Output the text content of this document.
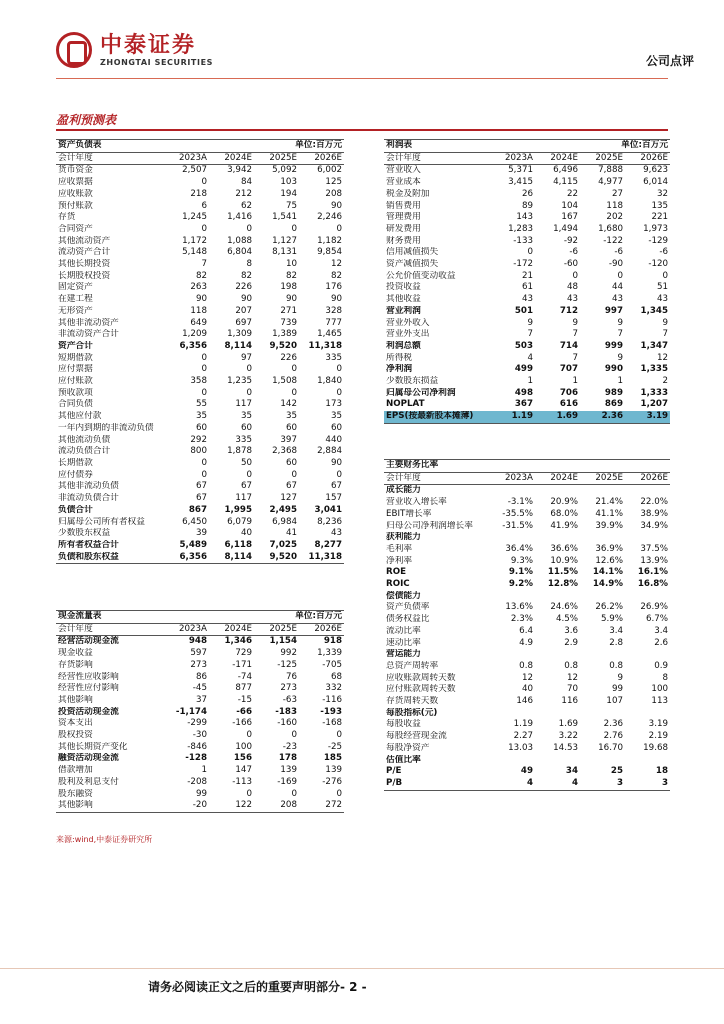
中泰证券
ZHONGTAI SECURITIES	公司点评
盈利预测表
资产负债表			单位:百万元	
会计年度	2023A	2024E	2025E	2026E
货币资金	2,507	3,942	5,092	6,002
应收票据	0	84	103	125
应收账款	218	212	194	208
预付账款	6	62	75	90
存货	1,245	1,416	1,541	2,246
合同资产	0	0	0	0
其他流动资产	1,172	1,088	1,127	1,182
流动资产合计	5,148	6,804	8,131	9,854
其他长期投资	7	8	10	12
长期股权投资	82	82	82	82
固定资产	263	226	198	176
在建工程	90	90	90	90
无形资产	118	207	271	328
其他非流动资产	649	697	739	777
非流动资产合计	1,209	1,309	1,389	1,465
资产合计	6,356	8,114	9,520	11,318
短期借款	0	97	226	335
应付票据	0	0	0	0
应付账款	358	1,235	1,508	1,840
预收款项	0	0	0	0
合同负债	55	117	142	173
其他应付款	35	35	35	35
一年内到期的非流动负债	60	60	60	60
其他流动负债	292	335	397	440
流动负债合计	800	1,878	2,368	2,884
长期借款	0	50	60	90
应付债券	0	0	0	0
其他非流动负债	67	67	67	67
非流动负债合计	67	117	127	157
负债合计	867	1,995	2,495	3,041
归属母公司所有者权益	6,450	6,079	6,984	8,236
少数股东权益	39	40	41	43
所有者权益合计	5,489	6,118	7,025	8,277
负债和股东权益	6,356	8,114	9,520	11,318
现金流量表			单位:百万元	
会计年度	2023A	2024E	2025E	2026E
经营活动现金流	948	1,346	1,154	918
现金收益	597	729	992	1,339
存货影响	273	-171	-125	-705
经营性应收影响	86	-74	76	68
经营性应付影响	-45	877	273	332
其他影响	37	-15	-63	-116
投资活动现金流	-1,174	-66	-183	-193
资本支出	-299	-166	-160	-168
股权投资	-30	0	0	0
其他长期资产变化	-846	100	-23	-25
融资活动现金流	-128	156	178	185
借款增加	1	147	139	139
股利及利息支付	-208	-113	-169	-276
股东融资	99	0	0	0
其他影响	-20	122	208	272
利润表			单位:百万元	
会计年度	2023A	2024E	2025E	2026E
营业收入	5,371	6,496	7,888	9,623
营业成本	3,415	4,115	4,977	6,014
税金及附加	26	22	27	32
销售费用	89	104	118	135
管理费用	143	167	202	221
研发费用	1,283	1,494	1,680	1,973
财务费用	-133	-92	-122	-129
信用减值损失	0	-6	-6	-6
资产减值损失	-172	-60	-90	-120
公允价值变动收益	21	0	0	0
投资收益	61	48	44	51
其他收益	43	43	43	43
营业利润	501	712	997	1,345
营业外收入	9	9	9	9
营业外支出	7	7	7	7
利润总额	503	714	999	1,347
所得税	4	7	9	12
净利润	499	707	990	1,335
少数股东损益	1	1	1	2
归属母公司净利润	498	706	989	1,333
NOPLAT	367	616	869	1,207
EPS(按最新股本摊薄)	1.19	1.69	2.36	3.19
主要财务比率				
会计年度	2023A	2024E	2025E	2026E
成长能力				
营业收入增长率	-3.1%	20.9%	21.4%	22.0%
EBIT增长率	-35.5%	68.0%	41.1%	38.9%
归母公司净利润增长率	-31.5%	41.9%	39.9%	34.9%
获利能力				
毛利率	36.4%	36.6%	36.9%	37.5%
净利率	9.3%	10.9%	12.6%	13.9%
ROE	9.1%	11.5%	14.1%	16.1%
ROIC	9.2%	12.8%	14.9%	16.8%
偿债能力				
资产负债率	13.6%	24.6%	26.2%	26.9%
债务权益比	2.3%	4.5%	5.9%	6.7%
流动比率	6.4	3.6	3.4	3.4
速动比率	4.9	2.9	2.8	2.6
营运能力				
总资产周转率	0.8	0.8	0.8	0.9
应收账款周转天数	12	12	9	8
应付账款周转天数	40	70	99	100
存货周转天数	146	116	107	113
每股指标(元)				
每股收益	1.19	1.69	2.36	3.19
每股经营现金流	2.27	3.22	2.76	2.19
每股净资产	13.03	14.53	16.70	19.68
估值比率				
P/E	49	34	25	18
P/B	4	4	3	3
来源:wind,中泰证券研究所
请务必阅读正文之后的重要声明部分- 2 -
